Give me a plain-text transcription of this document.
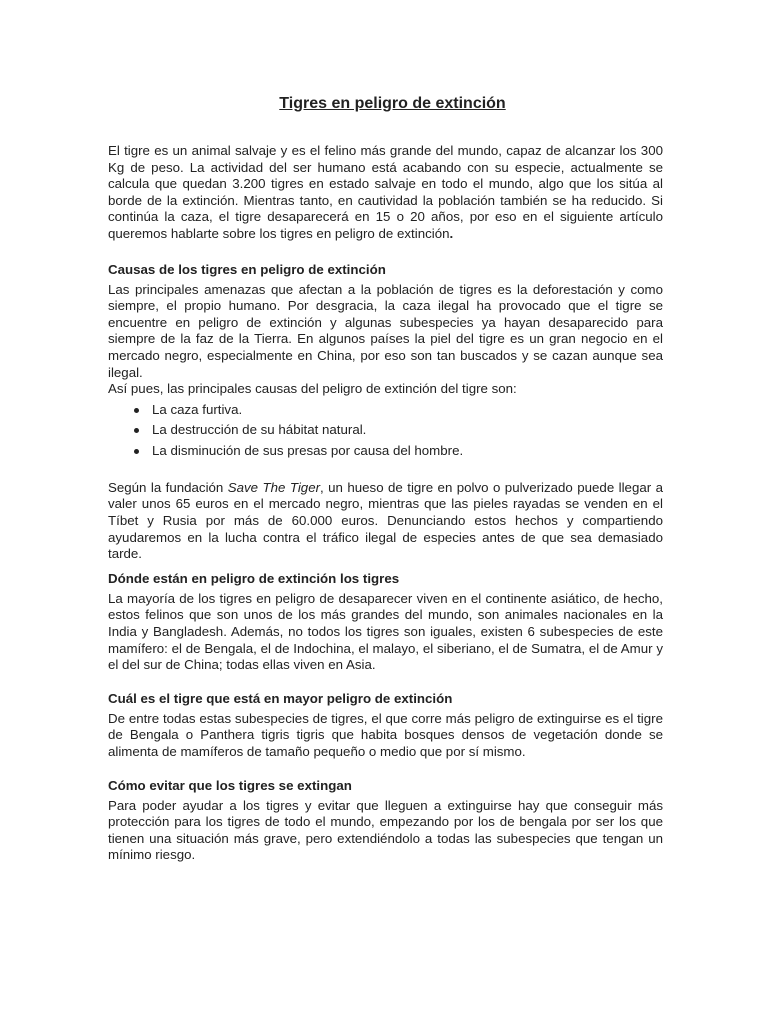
Tigres en peligro de extinción

El tigre es un animal salvaje y es el felino más grande del mundo, capaz de alcanzar los 300 Kg de peso. La actividad del ser humano está acabando con su especie, actualmente se calcula que quedan 3.200 tigres en estado salvaje en todo el mundo, algo que los sitúa al borde de la extinción. Mientras tanto, en cautividad la población también se ha reducido. Si continúa la caza, el tigre desaparecerá en 15 o 20 años, por eso en el siguiente artículo queremos hablarte sobre los tigres en peligro de extinción.

Causas de los tigres en peligro de extinción

Las principales amenazas que afectan a la población de tigres es la deforestación y como siempre, el propio humano. Por desgracia, la caza ilegal ha provocado que el tigre se encuentre en peligro de extinción y algunas subespecies ya hayan desaparecido para siempre de la faz de la Tierra. En algunos países la piel del tigre es un gran negocio en el mercado negro, especialmente en China, por eso son tan buscados y se cazan aunque sea ilegal.

Así pues, las principales causas del peligro de extinción del tigre son:

La caza furtiva.
La destrucción de su hábitat natural.
La disminución de sus presas por causa del hombre.

Según la fundación Save The Tiger, un hueso de tigre en polvo o pulverizado puede llegar a valer unos 65 euros en el mercado negro, mientras que las pieles rayadas se venden en el Tíbet y Rusia por más de 60.000 euros. Denunciando estos hechos y compartiendo ayudaremos en la lucha contra el tráfico ilegal de especies antes de que sea demasiado tarde.

Dónde están en peligro de extinción los tigres

La mayoría de los tigres en peligro de desaparecer viven en el continente asiático, de hecho, estos felinos que son unos de los más grandes del mundo, son animales nacionales en la India y Bangladesh. Además, no todos los tigres son iguales, existen 6 subespecies de este mamífero: el de Bengala, el de Indochina, el malayo, el siberiano, el de Sumatra, el de Amur y el del sur de China; todas ellas viven en Asia.

Cuál es el tigre que está en mayor peligro de extinción

De entre todas estas subespecies de tigres, el que corre más peligro de extinguirse es el tigre de Bengala o Panthera tigris tigris que habita bosques densos de vegetación donde se alimenta de mamíferos de tamaño pequeño o medio que por sí mismo.

Cómo evitar que los tigres se extingan

Para poder ayudar a los tigres y evitar que lleguen a extinguirse hay que conseguir más protección para los tigres de todo el mundo, empezando por los de bengala por ser los que tienen una situación más grave, pero extendiéndolo a todas las subespecies que tengan un mínimo riesgo.
